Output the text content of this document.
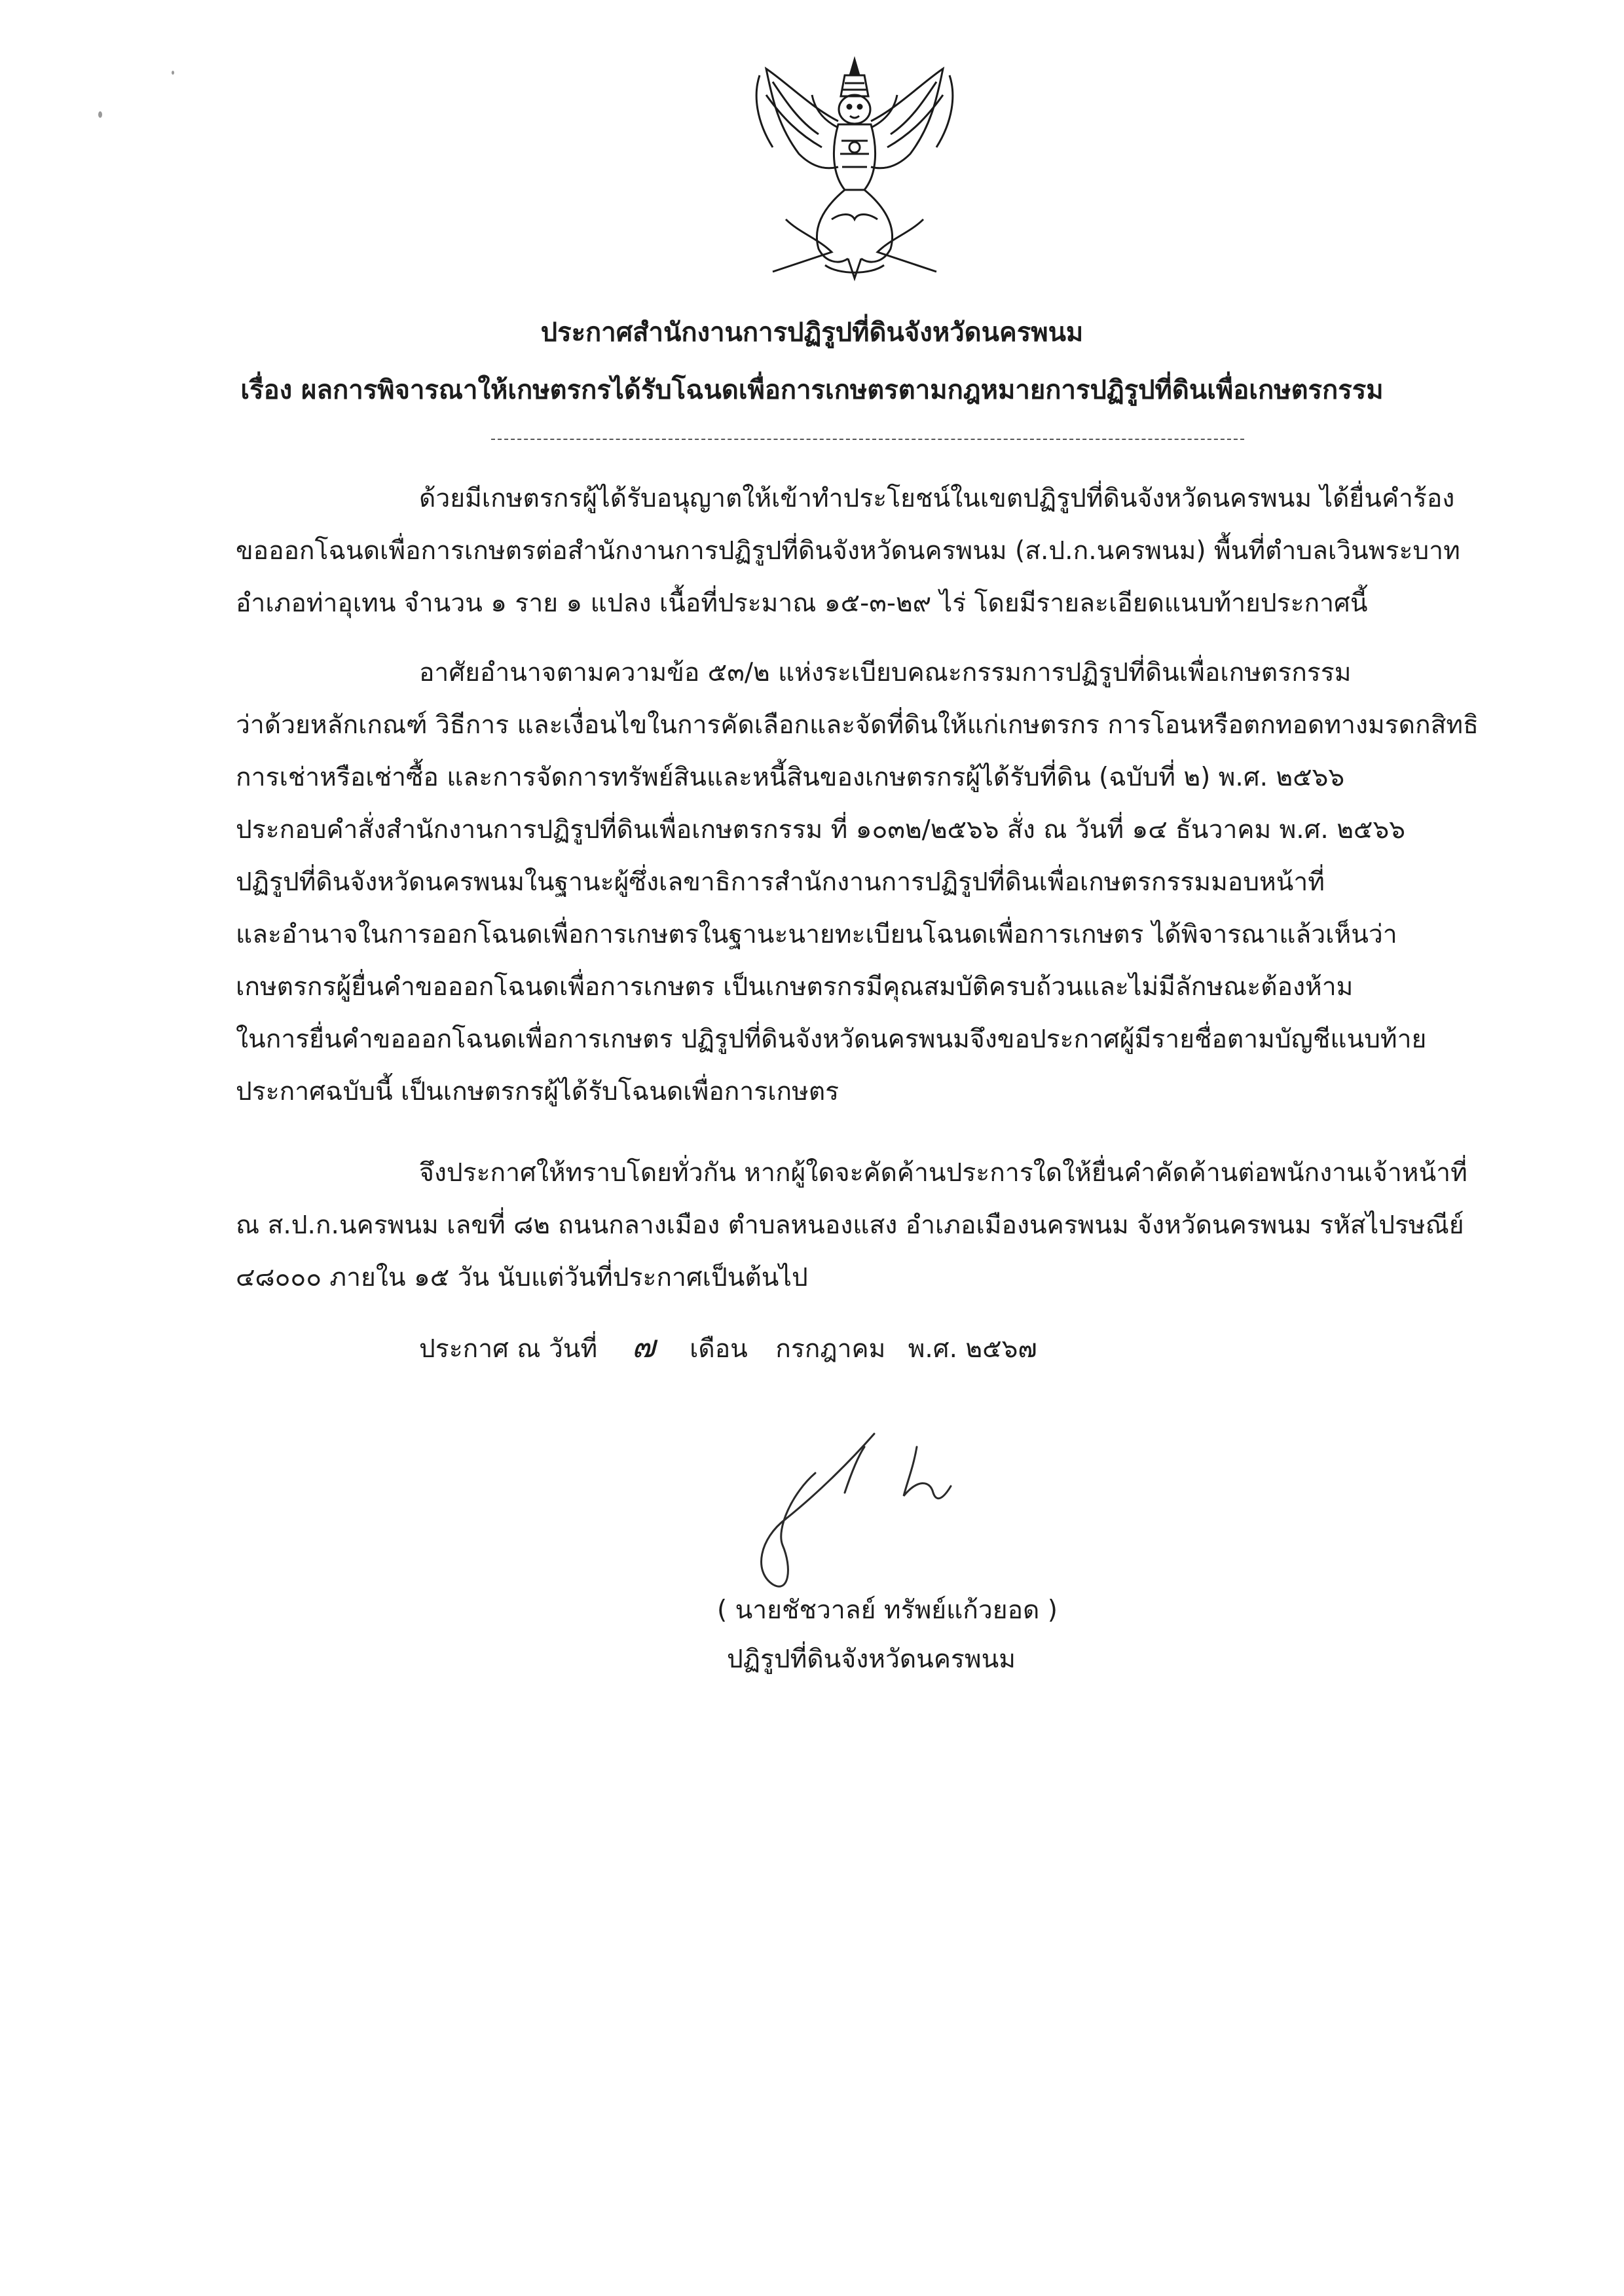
ประกาศสำนักงานการปฏิรูปที่ดินจังหวัดนครพนม
เรื่อง ผลการพิจารณาให้เกษตรกรได้รับโฉนดเพื่อการเกษตรตามกฎหมายการปฏิรูปที่ดินเพื่อเกษตรกรรม
ด้วยมีเกษตรกรผู้ได้รับอนุญาตให้เข้าทำประโยชน์ในเขตปฏิรูปที่ดินจังหวัดนครพนม ได้ยื่นคำร้อง
ขอออกโฉนดเพื่อการเกษตรต่อสำนักงานการปฏิรูปที่ดินจังหวัดนครพนม (ส.ป.ก.นครพนม) พื้นที่ตำบลเวินพระบาท
อำเภอท่าอุเทน จำนวน ๑ ราย ๑ แปลง เนื้อที่ประมาณ ๑๕-๓-๒๙ ไร่ โดยมีรายละเอียดแนบท้ายประกาศนี้
อาศัยอำนาจตามความข้อ ๕๓/๒ แห่งระเบียบคณะกรรมการปฏิรูปที่ดินเพื่อเกษตรกรรม
ว่าด้วยหลักเกณฑ์ วิธีการ และเงื่อนไขในการคัดเลือกและจัดที่ดินให้แก่เกษตรกร การโอนหรือตกทอดทางมรดกสิทธิ
การเช่าหรือเช่าซื้อ และการจัดการทรัพย์สินและหนี้สินของเกษตรกรผู้ได้รับที่ดิน (ฉบับที่ ๒) พ.ศ. ๒๕๖๖
ประกอบคำสั่งสำนักงานการปฏิรูปที่ดินเพื่อเกษตรกรรม ที่ ๑๐๓๒/๒๕๖๖ สั่ง ณ วันที่ ๑๔ ธันวาคม พ.ศ. ๒๕๖๖
ปฏิรูปที่ดินจังหวัดนครพนมในฐานะผู้ซึ่งเลขาธิการสำนักงานการปฏิรูปที่ดินเพื่อเกษตรกรรมมอบหน้าที่
และอำนาจในการออกโฉนดเพื่อการเกษตรในฐานะนายทะเบียนโฉนดเพื่อการเกษตร ได้พิจารณาแล้วเห็นว่า
เกษตรกรผู้ยื่นคำขอออกโฉนดเพื่อการเกษตร เป็นเกษตรกรมีคุณสมบัติครบถ้วนและไม่มีลักษณะต้องห้าม
ในการยื่นคำขอออกโฉนดเพื่อการเกษตร ปฏิรูปที่ดินจังหวัดนครพนมจึงขอประกาศผู้มีรายชื่อตามบัญชีแนบท้าย
ประกาศฉบับนี้ เป็นเกษตรกรผู้ได้รับโฉนดเพื่อการเกษตร
จึงประกาศให้ทราบโดยทั่วกัน หากผู้ใดจะคัดค้านประการใดให้ยื่นคำคัดค้านต่อพนักงานเจ้าหน้าที่
ณ ส.ป.ก.นครพนม เลขที่ ๘๒ ถนนกลางเมือง ตำบลหนองแสง อำเภอเมืองนครพนม จังหวัดนครพนม รหัสไปรษณีย์
๔๘๐๐๐ ภายใน ๑๕ วัน นับแต่วันที่ประกาศเป็นต้นไป
ประกาศ ณ วันที่ ๗ เดือน กรกฎาคม พ.ศ. ๒๕๖๗
( นายชัชวาลย์ ทรัพย์แก้วยอด )
ปฏิรูปที่ดินจังหวัดนครพนม
